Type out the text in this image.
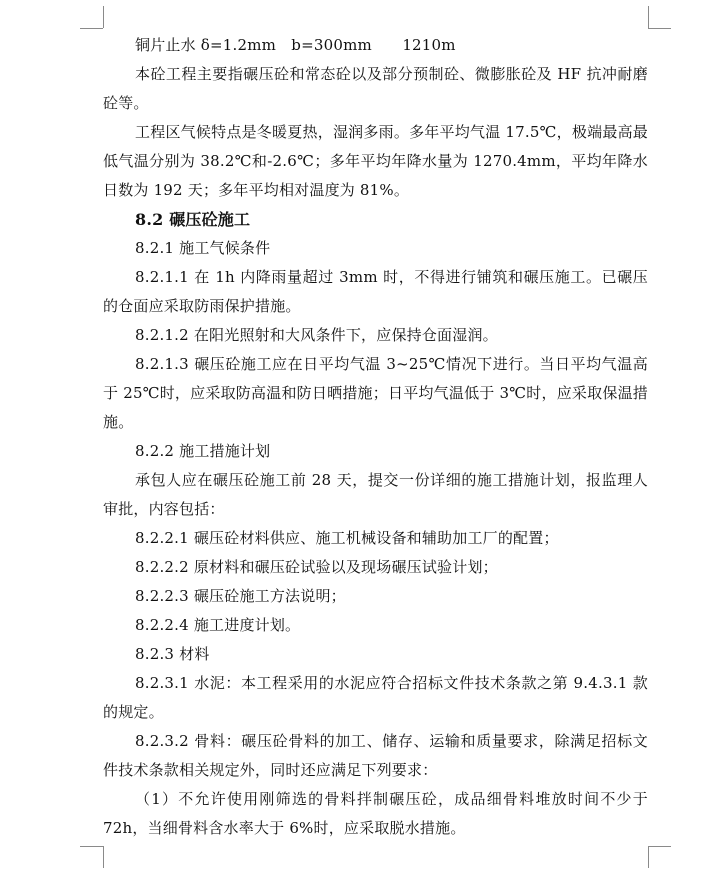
铜片止水 δ=1.2mm　b=300mm　　1210m

本砼工程主要指碾压砼和常态砼以及部分预制砼、微膨胀砼及 HF 抗冲耐磨砼等。

工程区气候特点是冬暖夏热，湿润多雨。多年平均气温 17.5℃，极端最高最低气温分别为 38.2℃和-2.6℃；多年平均年降水量为 1270.4mm，平均年降水日数为 192 天；多年平均相对温度为 81%。

8.2 碾压砼施工

8.2.1 施工气候条件

8.2.1.1 在 1h 内降雨量超过 3mm 时，不得进行铺筑和碾压施工。已碾压的仓面应采取防雨保护措施。

8.2.1.2 在阳光照射和大风条件下，应保持仓面湿润。

8.2.1.3 碾压砼施工应在日平均气温 3~25℃情况下进行。当日平均气温高于 25℃时，应采取防高温和防日晒措施；日平均气温低于 3℃时，应采取保温措施。

8.2.2 施工措施计划

承包人应在碾压砼施工前 28 天，提交一份详细的施工措施计划，报监理人审批，内容包括：

8.2.2.1 碾压砼材料供应、施工机械设备和辅助加工厂的配置；

8.2.2.2 原材料和碾压砼试验以及现场碾压试验计划；

8.2.2.3 碾压砼施工方法说明；

8.2.2.4 施工进度计划。

8.2.3 材料

8.2.3.1 水泥：本工程采用的水泥应符合招标文件技术条款之第 9.4.3.1 款的规定。

8.2.3.2 骨料：碾压砼骨料的加工、储存、运输和质量要求，除满足招标文件技术条款相关规定外，同时还应满足下列要求：

（1）不允许使用刚筛选的骨料拌制碾压砼，成品细骨料堆放时间不少于 72h，当细骨料含水率大于 6%时，应采取脱水措施。
